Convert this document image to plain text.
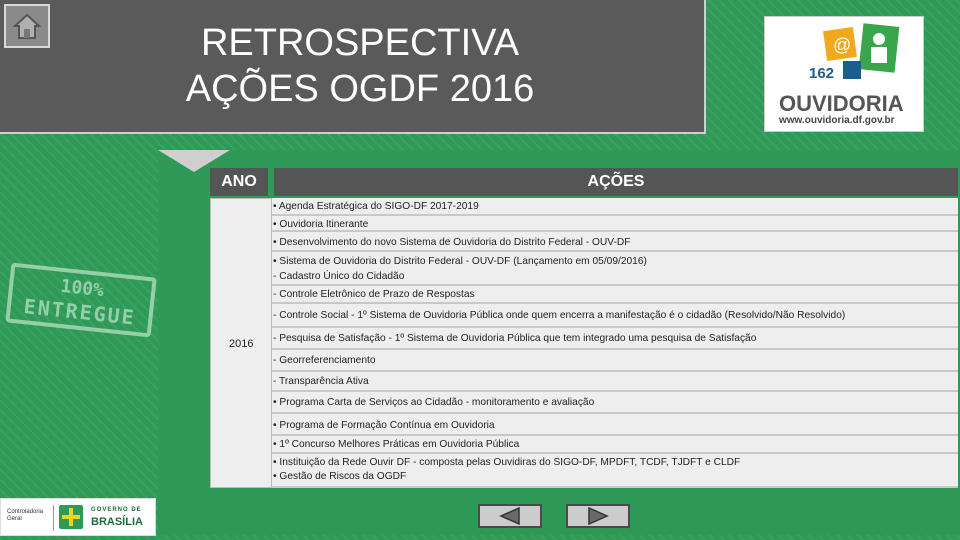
RETROSPECTIVA
AÇÕES OGDF 2016
@
162
OUVIDORIA
www.ouvidoria.df.gov.br
ANO	AÇÕES
2016
• Agenda Estratégica do SIGO-DF 2017-2019
• Ouvidoria Itinerante
• Desenvolvimento do novo Sistema de Ouvidoria do Distrito Federal - OUV-DF
• Sistema de Ouvidoria do Distrito Federal - OUV-DF (Lançamento em 05/09/2016)
- Cadastro Único do Cidadão
- Controle Eletrônico de Prazo de Respostas
- Controle Social - 1º Sistema de Ouvidoria Pública onde quem encerra a manifestação é o cidadão (Resolvido/Não Resolvido)
- Pesquisa de Satisfação - 1º Sistema de Ouvidoria Pública que tem integrado uma pesquisa de Satisfação
- Georreferenciamento
- Transparência Ativa
• Programa Carta de Serviços ao Cidadão - monitoramento e avaliação
• Programa de Formação Contínua em Ouvidoria
• 1º Concurso Melhores Práticas em Ouvidoria Pública
• Instituição da Rede Ouvir DF - composta pelas Ouvidiras do SIGO-DF, MPDFT, TCDF, TJDFT e CLDF
• Gestão de Riscos da OGDF
100%
ENTREGUE
Controladoria Geral
GOVERNO DE
BRASÍLIA
